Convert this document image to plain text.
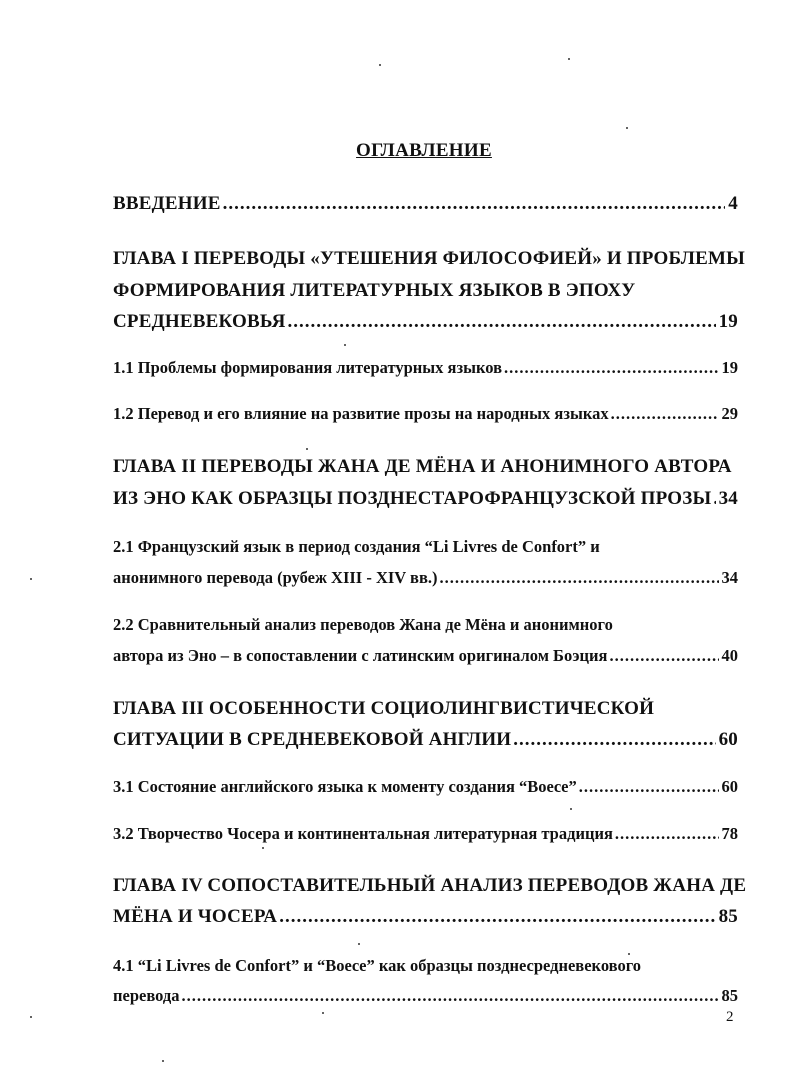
ОГЛАВЛЕНИЕ
ВВЕДЕНИЕ .....	4
ГЛАВА I ПЕРЕВОДЫ «УТЕШЕНИЯ ФИЛОСОФИЕЙ» И ПРОБЛЕМЫ
ФОРМИРОВАНИЯ ЛИТЕРАТУРНЫХ ЯЗЫКОВ В ЭПОХУ
СРЕДНЕВЕКОВЬЯ .....	19
1.1 Проблемы формирования литературных языков .....	19
1.2 Перевод и его влияние на развитие прозы на народных языках .....	29
ГЛАВА II ПЕРЕВОДЫ ЖАНА ДЕ МЁНА И АНОНИМНОГО АВТОРА
ИЗ ЭНО КАК ОБРАЗЦЫ ПОЗДНЕСТАРОФРАНЦУЗСКОЙ ПРОЗЫ ..... 34
2.1 Французский язык в период создания “Li Livres de Confort” и
анонимного перевода (рубеж XIII - XIV вв.) .....	34
2.2 Сравнительный анализ переводов Жана де Мёна и анонимного
автора из Эно – в сопоставлении с латинским оригиналом Боэция .....	40
ГЛАВА III ОСОБЕННОСТИ СОЦИОЛИНГВИСТИЧЕСКОЙ
СИТУАЦИИ В СРЕДНЕВЕКОВОЙ АНГЛИИ .....	60
3.1 Состояние английского языка к моменту создания “Boece” .....	60
3.2 Творчество Чосера и континентальная литературная традиция .....	78
ГЛАВА IV СОПОСТАВИТЕЛЬНЫЙ АНАЛИЗ ПЕРЕВОДОВ ЖАНА ДЕ
МЁНА И ЧОСЕРА .....	85
4.1 “Li Livres de Confort” и “Boece” как образцы позднесредневекового
перевода .....	85
2
